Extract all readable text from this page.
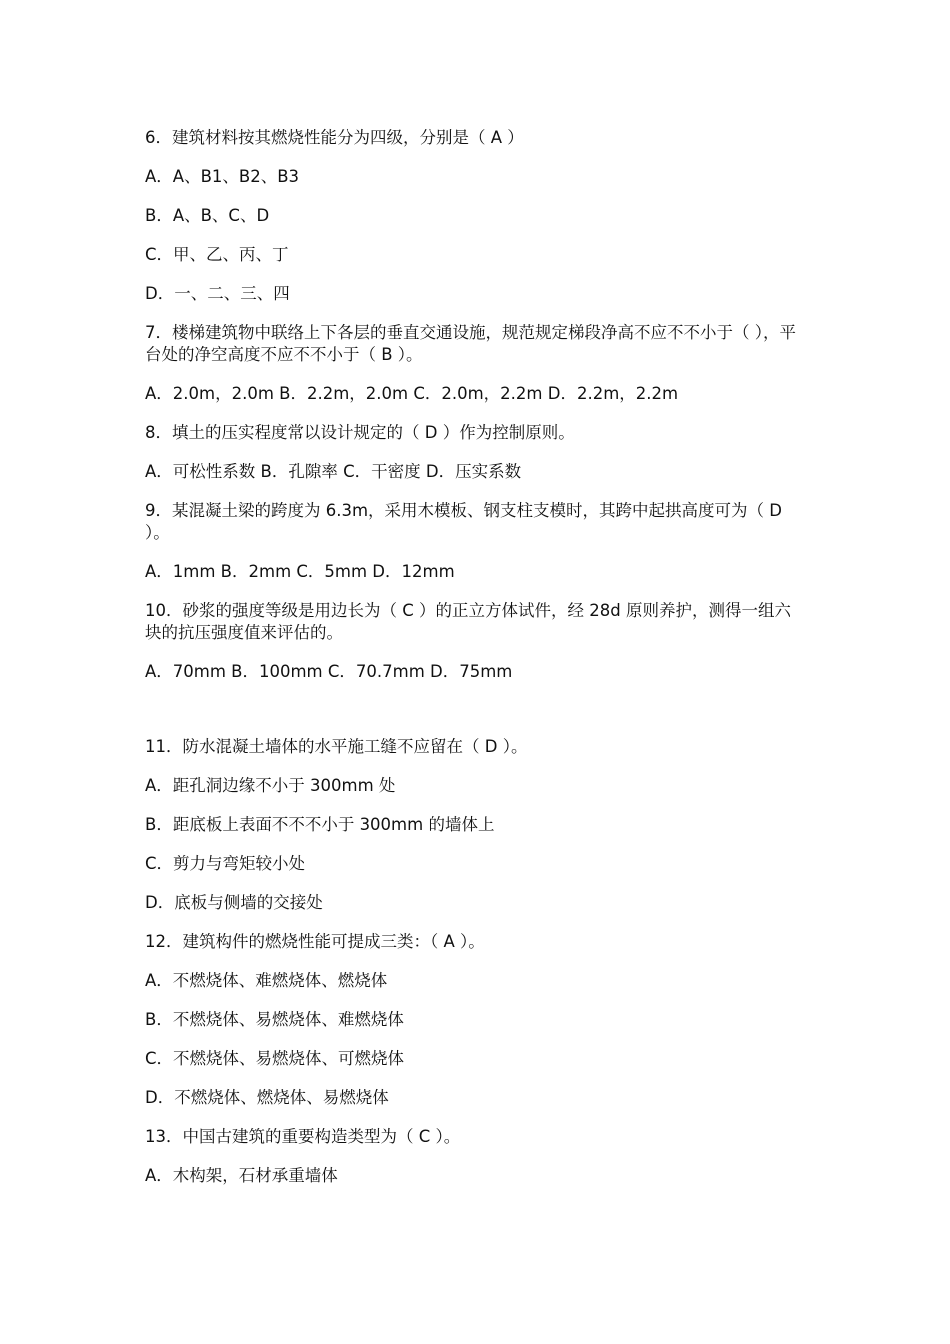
6．建筑材料按其燃烧性能分为四级，分别是（ A ）

A．A、B1、B2、B3

B．A、B、C、D

C．甲、乙、丙、丁

D．一、二、三、四

7．楼梯建筑物中联络上下各层的垂直交通设施，规范规定梯段净高不应不不小于（ ），平台处的净空高度不应不不小于（ B ）。

A．2.0m，2.0m B．2.2m，2.0m C．2.0m，2.2m D．2.2m，2.2m

8．填土的压实程度常以设计规定的（ D ）作为控制原则。

A．可松性系数 B．孔隙率 C．干密度 D．压实系数

9．某混凝土梁的跨度为 6.3m，采用木模板、钢支柱支模时，其跨中起拱高度可为（ D ）。

A．1mm B．2mm C．5mm D．12mm

10．砂浆的强度等级是用边长为（ C ）的正立方体试件，经 28d 原则养护，测得一组六块的抗压强度值来评估的。

A．70mm B．100mm C．70.7mm D．75mm

11．防水混凝土墙体的水平施工缝不应留在（ D ）。

A．距孔洞边缘不小于 300mm 处

B．距底板上表面不不不小于 300mm 的墙体上

C．剪力与弯矩较小处

D．底板与侧墙的交接处

12．建筑构件的燃烧性能可提成三类：（ A ）。

A．不燃烧体、难燃烧体、燃烧体

B．不燃烧体、易燃烧体、难燃烧体

C．不燃烧体、易燃烧体、可燃烧体

D．不燃烧体、燃烧体、易燃烧体

13．中国古建筑的重要构造类型为（ C ）。

A．木构架，石材承重墙体
